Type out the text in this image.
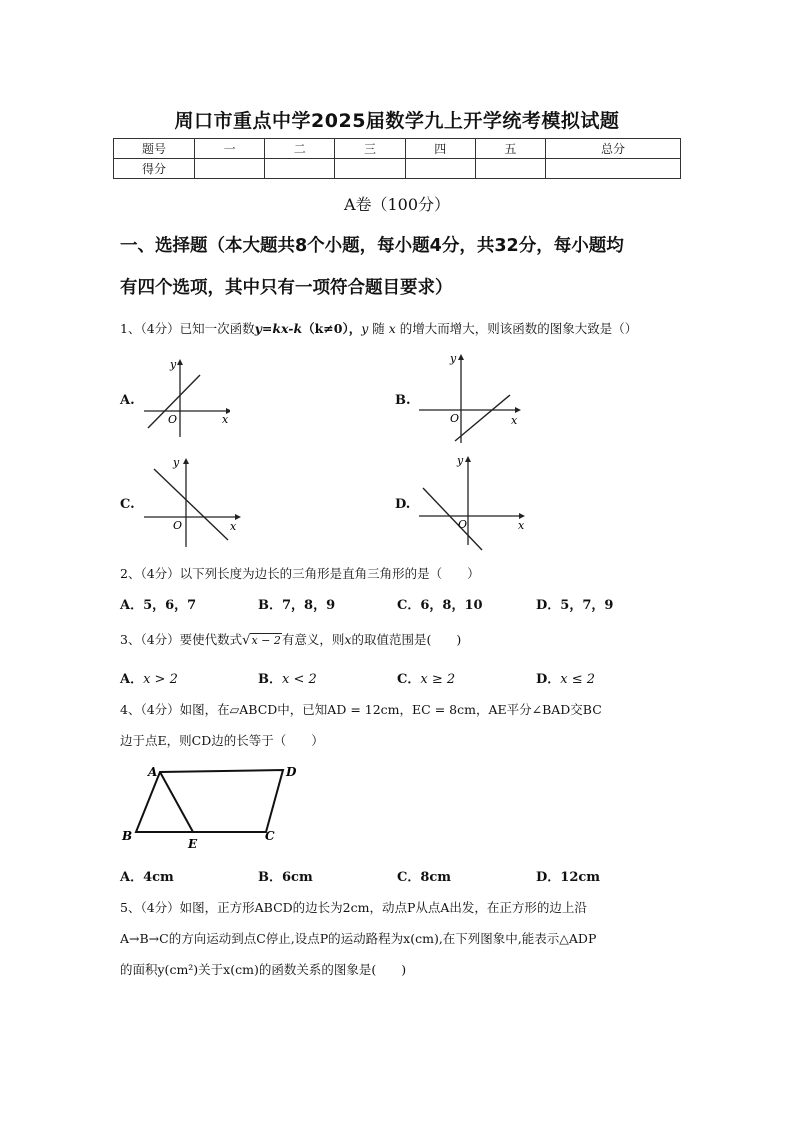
周口市重点中学2025届数学九上开学统考模拟试题
题号	一	二	三	四	五	总分
得分						
A卷（100分）
一、选择题（本大题共8个小题，每小题4分，共32分，每小题均
有四个选项，其中只有一项符合题目要求）
1、（4分）已知一次函数y=kx-k（k≠0），y 随 x 的增大而增大，则该函数的图象大致是（）
A.
y
x
O
B.
y
x
O
C.
y
x
O
D.
y
x
O
2、（4分）以下列长度为边长的三角形是直角三角形的是（　　）
A．5，6，7	B．7，8，9	C．6，8，10	D．5，7，9
3、（4分）要使代数式√x − 2有意义，则x的取值范围是(　　)
A．x > 2	B．x < 2	C．x ≥ 2	D．x ≤ 2
4、（4分）如图，在▱ABCD中，已知AD = 12cm，EC = 8cm，AE平分∠BAD交BC
边于点E，则CD边的长等于（　　）
A	D
B
E
C
A．4cm	B．6cm	C．8cm	D．12cm
5、（4分）如图，正方形ABCD的边长为2cm，动点P从点A出发，在正方形的边上沿
A→B→C的方向运动到点C停止,设点P的运动路程为x(cm),在下列图象中,能表示△ADP
的面积y(cm²)关于x(cm)的函数关系的图象是(　　)
